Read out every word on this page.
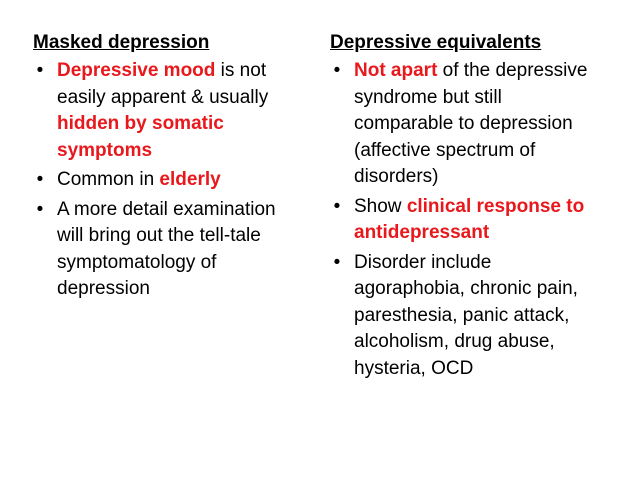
Masked depression
• Depressive mood is not easily apparent & usually hidden by somatic symptoms
• Common in elderly
• A more detail examination will bring out the tell-tale symptomatology of depression
Depressive equivalents
• Not apart of the depressive syndrome but still comparable to depression (affective spectrum of disorders)
• Show clinical response to antidepressant
• Disorder include agoraphobia, chronic pain, paresthesia, panic attack, alcoholism, drug abuse, hysteria, OCD
